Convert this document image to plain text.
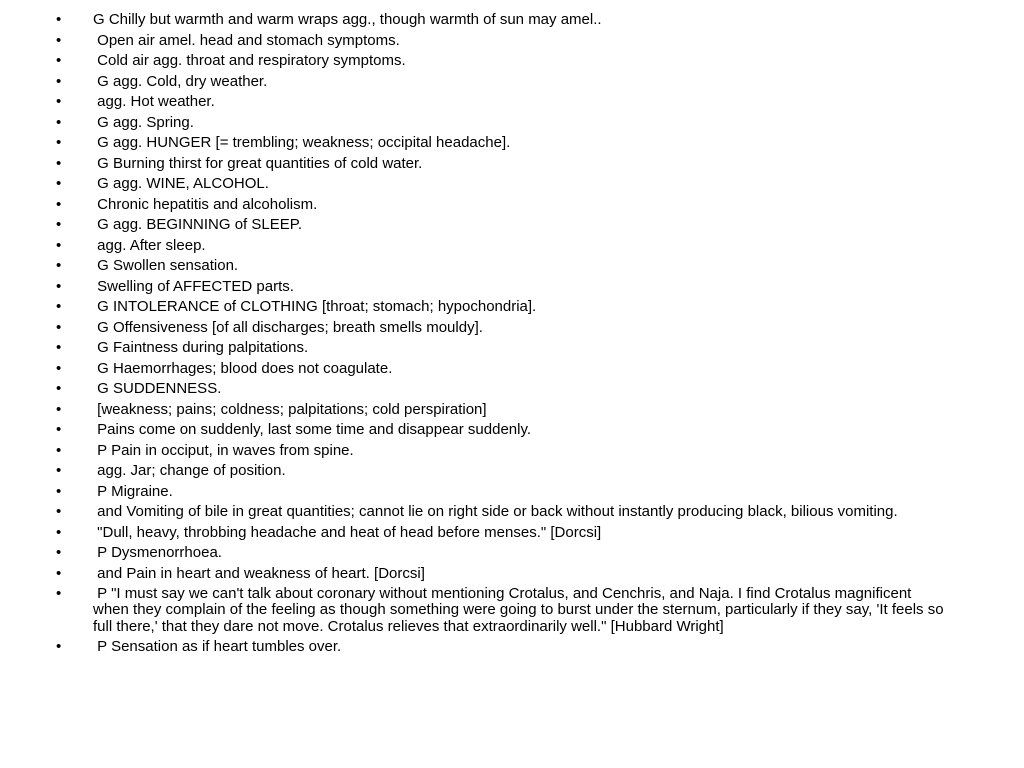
• G Chilly but warmth and warm wraps agg., though warmth of sun may amel..
• Open air amel. head and stomach symptoms.
• Cold air agg. throat and respiratory symptoms.
• G agg. Cold, dry weather.
• agg. Hot weather.
• G agg. Spring.
• G agg. HUNGER [= trembling; weakness; occipital headache].
• G Burning thirst for great quantities of cold water.
• G agg. WINE, ALCOHOL.
• Chronic hepatitis and alcoholism.
• G agg. BEGINNING of SLEEP.
• agg. After sleep.
• G Swollen sensation.
• Swelling of AFFECTED parts.
• G INTOLERANCE of CLOTHING [throat; stomach; hypochondria].
• G Offensiveness [of all discharges; breath smells mouldy].
• G Faintness during palpitations.
• G Haemorrhages; blood does not coagulate.
• G SUDDENNESS.
• [weakness; pains; coldness; palpitations; cold perspiration]
• Pains come on suddenly, last some time and disappear suddenly.
• P Pain in occiput, in waves from spine.
• agg. Jar; change of position.
• P Migraine.
• and Vomiting of bile in great quantities; cannot lie on right side or back without instantly producing black, bilious vomiting.
• "Dull, heavy, throbbing headache and heat of head before menses." [Dorcsi]
• P Dysmenorrhoea.
• and Pain in heart and weakness of heart. [Dorcsi]
• P "I must say we can't talk about coronary without mentioning Crotalus, and Cenchris, and Naja. I find Crotalus magnificent when they complain of the feeling as though something were going to burst under the sternum, particularly if they say, 'It feels so full there,' that they dare not move. Crotalus relieves that extraordinarily well." [Hubbard Wright]
• P Sensation as if heart tumbles over.
